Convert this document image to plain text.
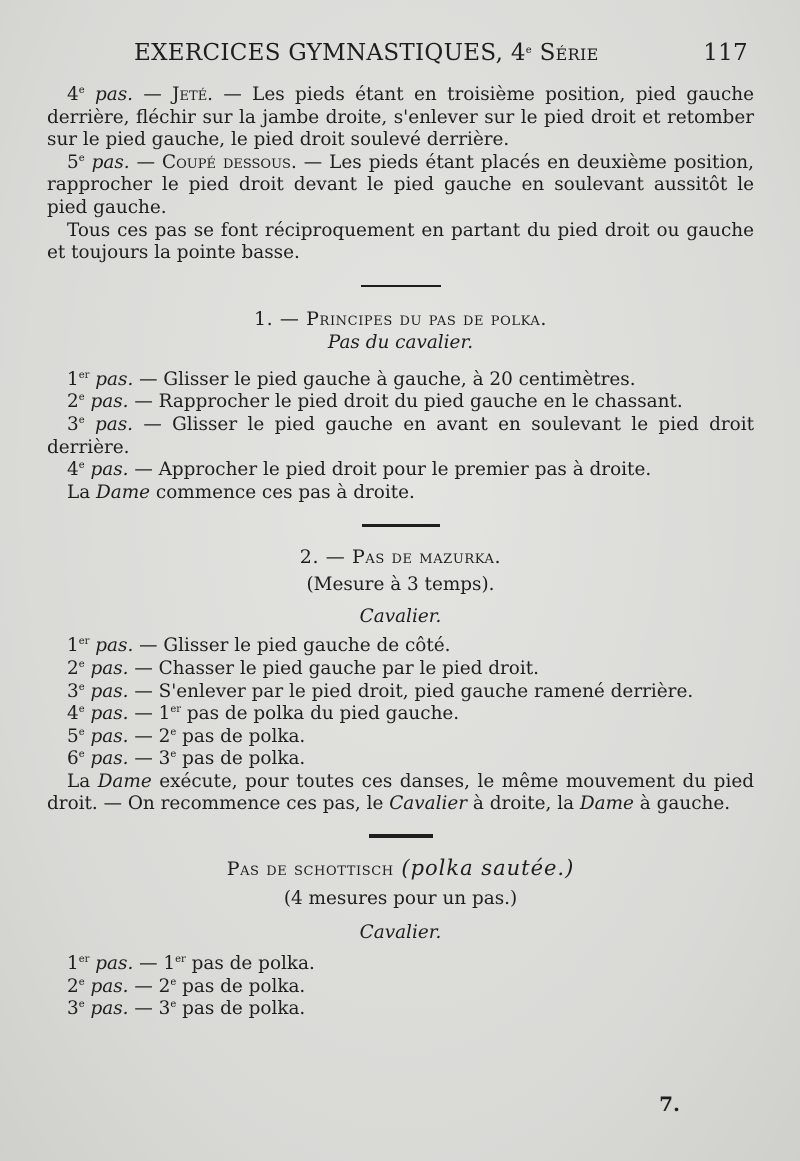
EXERCICES GYMNASTIQUES, 4e Série	117

4e pas. — Jeté. — Les pieds étant en troisième position, pied gauche derrière, fléchir sur la jambe droite, s'enlever sur le pied droit et retomber sur le pied gauche, le pied droit soulevé derrière.

5e pas. — Coupé dessous. — Les pieds étant placés en deuxième position, rapprocher le pied droit devant le pied gauche en soulevant aussitôt le pied gauche.

Tous ces pas se font réciproquement en partant du pied droit ou gauche et toujours la pointe basse.

1. — Principes du pas de polka.
Pas du cavalier.

1er pas. — Glisser le pied gauche à gauche, à 20 centimètres.

2e pas. — Rapprocher le pied droit du pied gauche en le chassant.

3e pas. — Glisser le pied gauche en avant en soulevant le pied droit derrière.

4e pas. — Approcher le pied droit pour le premier pas à droite.

La Dame commence ces pas à droite.

2. — Pas de mazurka.
(Mesure à 3 temps).
Cavalier.

1er pas. — Glisser le pied gauche de côté.

2e pas. — Chasser le pied gauche par le pied droit.

3e pas. — S'enlever par le pied droit, pied gauche ramené derrière.

4e pas. — 1er pas de polka du pied gauche.

5e pas. — 2e pas de polka.

6e pas. — 3e pas de polka.

La Dame exécute, pour toutes ces danses, le même mouvement du pied droit. — On recommence ces pas, le Cavalier à droite, la Dame à gauche.

Pas de schottisch (polka sautée.)
(4 mesures pour un pas.)
Cavalier.

1er pas. — 1er pas de polka.

2e pas. — 2e pas de polka.

3e pas. — 3e pas de polka.

7.
